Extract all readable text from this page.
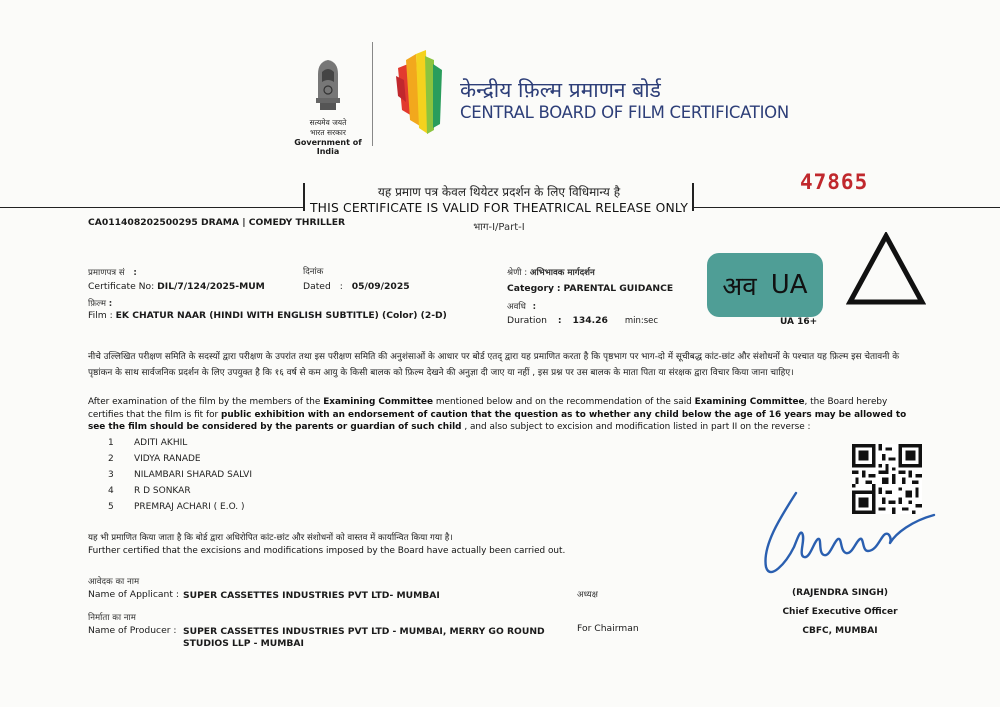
सत्यमेव जयते
भारत सरकार
Government of India
केन्द्रीय फ़िल्म प्रमाणन बोर्ड
CENTRAL BOARD OF FILM CERTIFICATION
47865
यह प्रमाण पत्र केवल थियेटर प्रदर्शन के लिए विधिमान्य है
THIS CERTIFICATE IS VALID FOR THEATRICAL RELEASE ONLY
भाग-I/Part-I
CA011408202500295 DRAMA | COMEDY THRILLER
प्रमाणपत्र सं :
Certificate No: DIL/7/124/2025-MUM
दिनांक
Dated : 05/09/2025
श्रेणी : अभिभावक मार्गदर्शन
Category : PARENTAL GUIDANCE
फ़िल्म :
Film : EK CHATUR NAAR (HINDI WITH ENGLISH SUBTITLE) (Color) (2-D)
अवधि :
Duration : 134.26 min:sec
अव UA
UA 16+
नीचे उल्लिखित परीक्षण समिति के सदस्यों द्वारा परीक्षण के उपरांत तथा इस परीक्षण समिति की अनुशंसाओं के आधार पर बोर्ड एतद् द्वारा यह प्रमाणित करता है कि पृष्ठभाग पर भाग-दो में सूचीबद्ध कांट-छांट और संशोधनों के पश्चात यह फ़िल्म इस चेतावनी के पृष्ठांकन के साथ सार्वजनिक प्रदर्शन के लिए उपयुक्त है कि १६ वर्ष से कम आयु के किसी बालक को फ़िल्म देखने की अनुज्ञा दी जाए या नहीं , इस प्रश्न पर उस बालक के माता पिता या संरक्षक द्वारा विचार किया जाना चाहिए।
After examination of the film by the members of the Examining Committee mentioned below and on the recommendation of the said Examining Committee, the Board hereby certifies that the film is fit for public exhibition with an endorsement of caution that the question as to whether any child below the age of 16 years may be allowed to see the film should be considered by the parents or guardian of such child , and also subject to excision and modification listed in part II on the reverse :
1	ADITI AKHIL
2	VIDYA RANADE
3	NILAMBARI SHARAD SALVI
4	R D SONKAR
5	PREMRAJ ACHARI ( E.O. )
यह भी प्रमाणित किया जाता है कि बोर्ड द्वारा अधिरोपित कांट-छांट और संशोधनों को वास्तव में कार्यान्वित किया गया है।
Further certified that the excisions and modifications imposed by the Board have actually been carried out.
आवेदक का नाम
Name of Applicant : SUPER CASSETTES INDUSTRIES PVT LTD- MUMBAI
निर्माता का नाम
Name of Producer : SUPER CASSETTES INDUSTRIES PVT LTD - MUMBAI, MERRY GO ROUND
STUDIOS LLP - MUMBAI
अध्यक्ष
For Chairman
(RAJENDRA SINGH)
Chief Executive Officer
CBFC, MUMBAI
